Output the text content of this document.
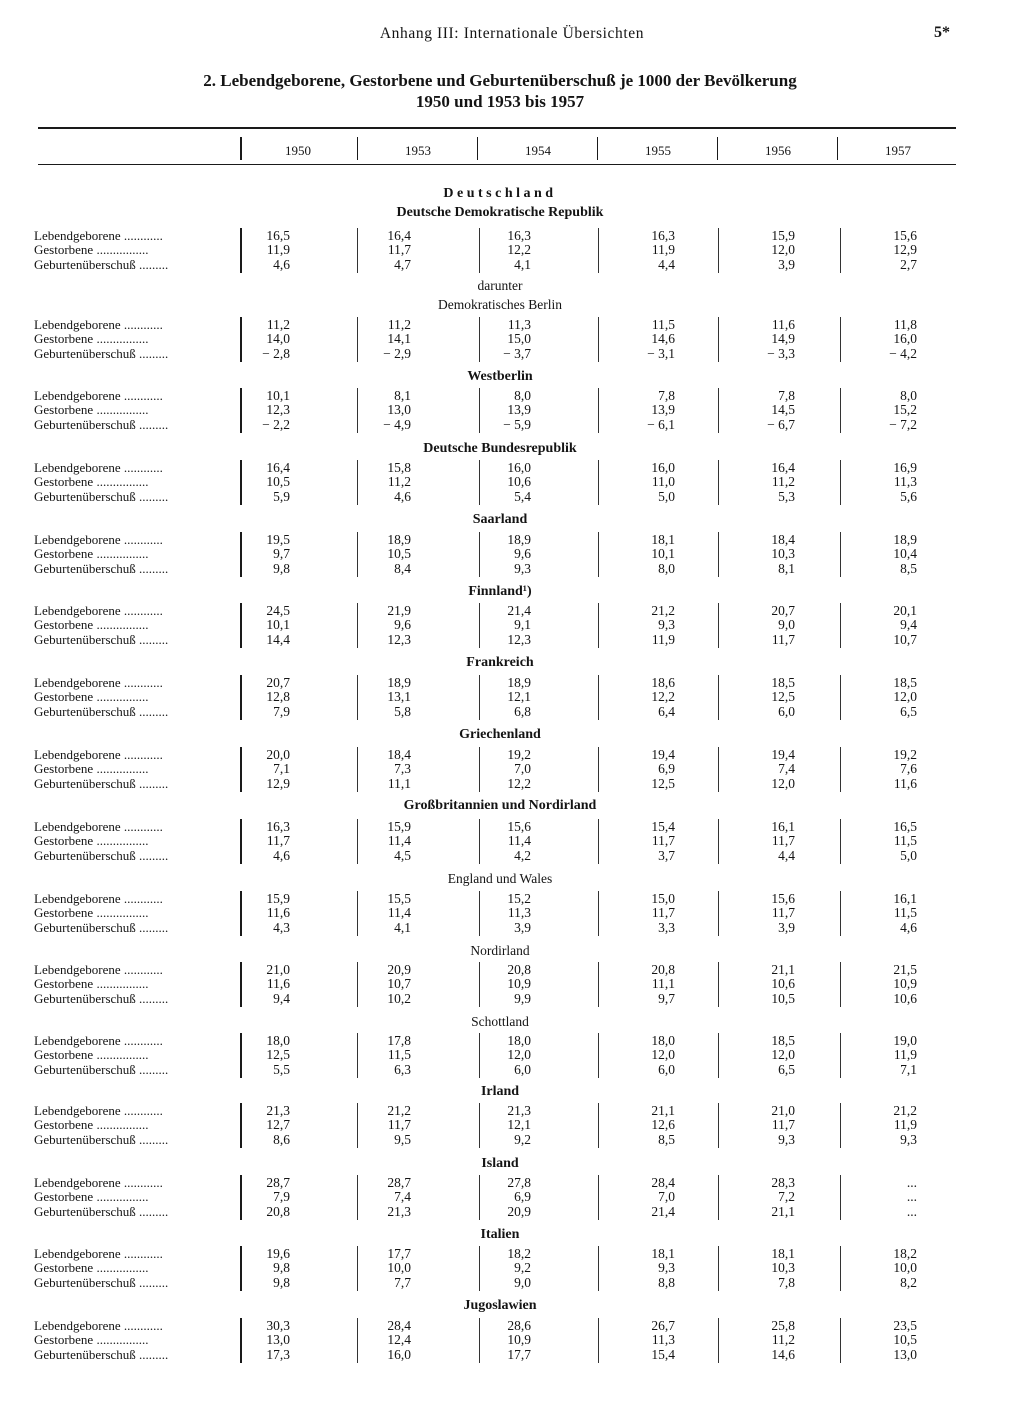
Anhang III: Internationale Übersichten	5*
2. Lebendgeborene, Gestorbene und Geburtenüberschuß je 1000 der Bevölkerung
1950 und 1953 bis 1957
1950	1953	1954	1955	1956	1957
Deutschland
Deutsche Demokratische Republik
Lebendgeborene ............	16,5	16,4	16,3	16,3	15,9	15,6
Gestorbene ................	11,9	11,7	12,2	11,9	12,0	12,9
Geburtenüberschuß .........	4,6	4,7	4,1	4,4	3,9	2,7
darunter
Demokratisches Berlin
Lebendgeborene ............	11,2	11,2	11,3	11,5	11,6	11,8
Gestorbene ................	14,0	14,1	15,0	14,6	14,9	16,0
Geburtenüberschuß .........	− 2,8	− 2,9	− 3,7	− 3,1	− 3,3	− 4,2
Westberlin
Lebendgeborene ............	10,1	8,1	8,0	7,8	7,8	8,0
Gestorbene ................	12,3	13,0	13,9	13,9	14,5	15,2
Geburtenüberschuß .........	− 2,2	− 4,9	− 5,9	− 6,1	− 6,7	− 7,2
Deutsche Bundesrepublik
Lebendgeborene ............	16,4	15,8	16,0	16,0	16,4	16,9
Gestorbene ................	10,5	11,2	10,6	11,0	11,2	11,3
Geburtenüberschuß .........	5,9	4,6	5,4	5,0	5,3	5,6
Saarland
Lebendgeborene ............	19,5	18,9	18,9	18,1	18,4	18,9
Gestorbene ................	9,7	10,5	9,6	10,1	10,3	10,4
Geburtenüberschuß .........	9,8	8,4	9,3	8,0	8,1	8,5
Finnland¹)
Lebendgeborene ............	24,5	21,9	21,4	21,2	20,7	20,1
Gestorbene ................	10,1	9,6	9,1	9,3	9,0	9,4
Geburtenüberschuß .........	14,4	12,3	12,3	11,9	11,7	10,7
Frankreich
Lebendgeborene ............	20,7	18,9	18,9	18,6	18,5	18,5
Gestorbene ................	12,8	13,1	12,1	12,2	12,5	12,0
Geburtenüberschuß .........	7,9	5,8	6,8	6,4	6,0	6,5
Griechenland
Lebendgeborene ............	20,0	18,4	19,2	19,4	19,4	19,2
Gestorbene ................	7,1	7,3	7,0	6,9	7,4	7,6
Geburtenüberschuß .........	12,9	11,1	12,2	12,5	12,0	11,6
Großbritannien und Nordirland
Lebendgeborene ............	16,3	15,9	15,6	15,4	16,1	16,5
Gestorbene ................	11,7	11,4	11,4	11,7	11,7	11,5
Geburtenüberschuß .........	4,6	4,5	4,2	3,7	4,4	5,0
England und Wales
Lebendgeborene ............	15,9	15,5	15,2	15,0	15,6	16,1
Gestorbene ................	11,6	11,4	11,3	11,7	11,7	11,5
Geburtenüberschuß .........	4,3	4,1	3,9	3,3	3,9	4,6
Nordirland
Lebendgeborene ............	21,0	20,9	20,8	20,8	21,1	21,5
Gestorbene ................	11,6	10,7	10,9	11,1	10,6	10,9
Geburtenüberschuß .........	9,4	10,2	9,9	9,7	10,5	10,6
Schottland
Lebendgeborene ............	18,0	17,8	18,0	18,0	18,5	19,0
Gestorbene ................	12,5	11,5	12,0	12,0	12,0	11,9
Geburtenüberschuß .........	5,5	6,3	6,0	6,0	6,5	7,1
Irland
Lebendgeborene ............	21,3	21,2	21,3	21,1	21,0	21,2
Gestorbene ................	12,7	11,7	12,1	12,6	11,7	11,9
Geburtenüberschuß .........	8,6	9,5	9,2	8,5	9,3	9,3
Island
Lebendgeborene ............	28,7	28,7	27,8	28,4	28,3	...
Gestorbene ................	7,9	7,4	6,9	7,0	7,2	...
Geburtenüberschuß .........	20,8	21,3	20,9	21,4	21,1	...
Italien
Lebendgeborene ............	19,6	17,7	18,2	18,1	18,1	18,2
Gestorbene ................	9,8	10,0	9,2	9,3	10,3	10,0
Geburtenüberschuß .........	9,8	7,7	9,0	8,8	7,8	8,2
Jugoslawien
Lebendgeborene ............	30,3	28,4	28,6	26,7	25,8	23,5
Gestorbene ................	13,0	12,4	10,9	11,3	11,2	10,5
Geburtenüberschuß .........	17,3	16,0	17,7	15,4	14,6	13,0
